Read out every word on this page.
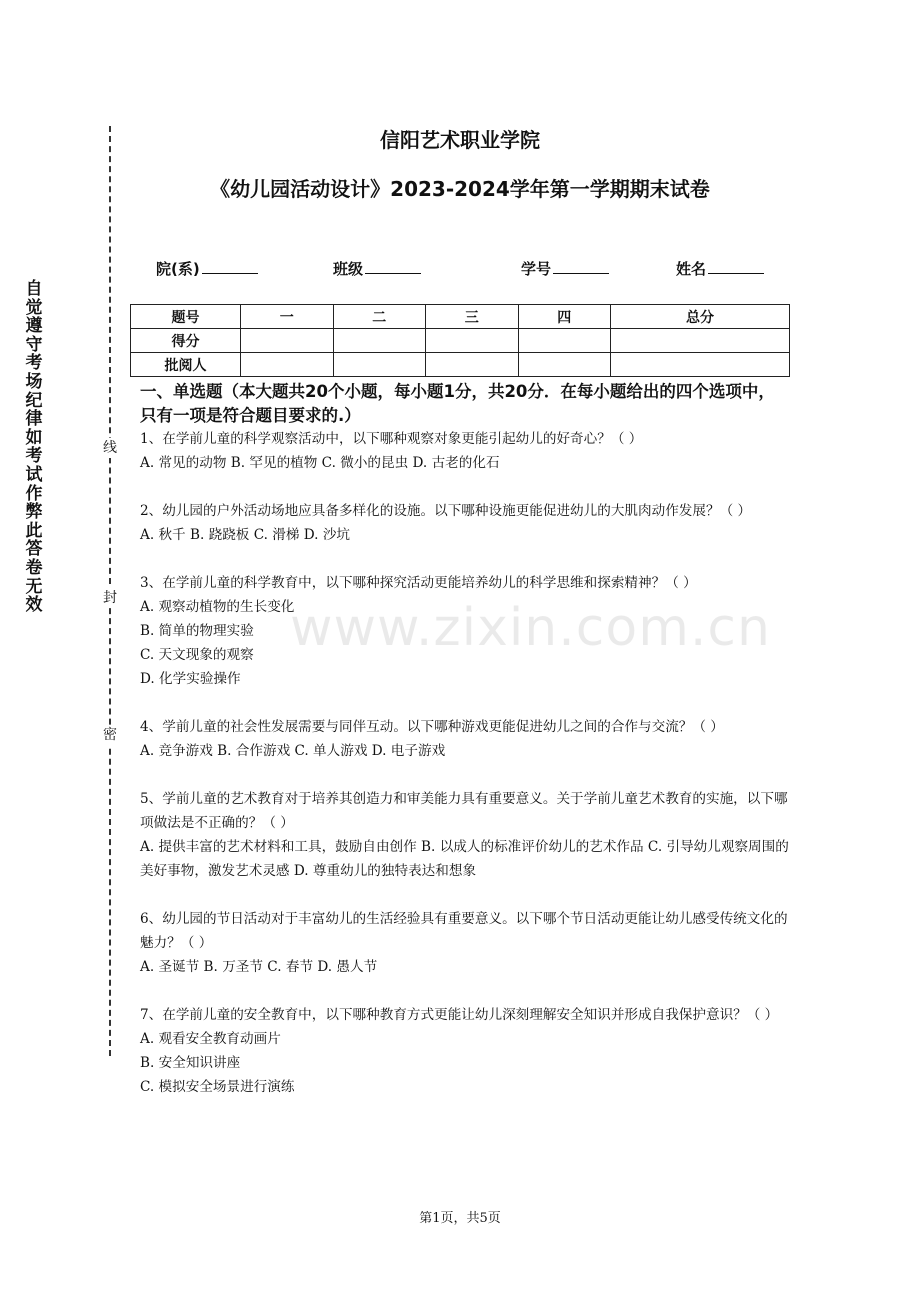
自觉遵守考场纪律如考试作弊此答卷无效
线
封
密
信阳艺术职业学院
《幼儿园活动设计》2023-2024学年第一学期期末试卷
院(系)	班级	学号	姓名
题号	一	二	三	四	总分
得分					
批阅人					
一、单选题（本大题共20个小题，每小题1分，共20分．在每小题给出的四个选项中，只有一项是符合题目要求的.）

1、在学前儿童的科学观察活动中，以下哪种观察对象更能引起幼儿的好奇心？（ ）

A. 常见的动物 B. 罕见的植物 C. 微小的昆虫 D. 古老的化石

2、幼儿园的户外活动场地应具备多样化的设施。以下哪种设施更能促进幼儿的大肌肉动作发展？（ ）

A. 秋千 B. 跷跷板 C. 滑梯 D. 沙坑

3、在学前儿童的科学教育中，以下哪种探究活动更能培养幼儿的科学思维和探索精神？（ ）

A. 观察动植物的生长变化

B. 简单的物理实验

C. 天文现象的观察

D. 化学实验操作

4、学前儿童的社会性发展需要与同伴互动。以下哪种游戏更能促进幼儿之间的合作与交流？（ ）

A. 竞争游戏 B. 合作游戏 C. 单人游戏 D. 电子游戏

5、学前儿童的艺术教育对于培养其创造力和审美能力具有重要意义。关于学前儿童艺术教育的实施，以下哪项做法是不正确的？（ ）

A. 提供丰富的艺术材料和工具，鼓励自由创作 B. 以成人的标准评价幼儿的艺术作品 C. 引导幼儿观察周围的美好事物，激发艺术灵感 D. 尊重幼儿的独特表达和想象

6、幼儿园的节日活动对于丰富幼儿的生活经验具有重要意义。以下哪个节日活动更能让幼儿感受传统文化的魅力？（ ）

A. 圣诞节 B. 万圣节 C. 春节 D. 愚人节

7、在学前儿童的安全教育中，以下哪种教育方式更能让幼儿深刻理解安全知识并形成自我保护意识？（ ）

A. 观看安全教育动画片

B. 安全知识讲座

C. 模拟安全场景进行演练

www.zixin.com.cn
第1页，共5页
